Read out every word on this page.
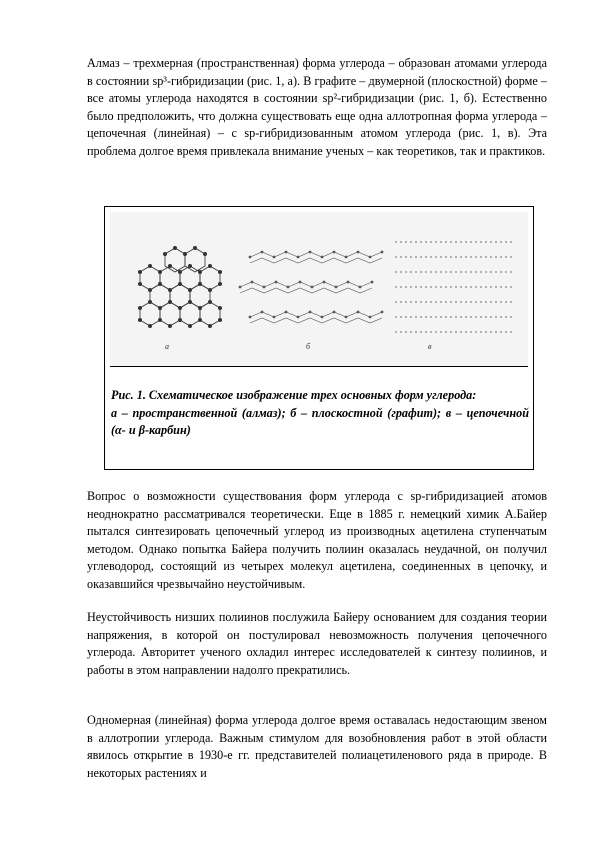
Алмаз – трехмерная (пространственная) форма углерода – образован атомами углерода в состоянии sp³-гибридизации (рис. 1, а). В графите – двумерной (плоскостной) форме – все атомы углерода находятся в состоянии sp²-гибридизации (рис. 1, б). Естественно было предположить, что должна существовать еще одна аллотропная форма углерода – цепочечная (линейная) – с sp-гибридизованным атомом углерода (рис. 1, в). Эта проблема долгое время привлекала внимание ученых – как теоретиков, так и практиков.

а	б	в
Рис. 1. Схематическое изображение трех основных форм углерода:
а – пространственной (алмаз); б – плоскостной (графит); в – цепочечной (α- и β-карбин)

Вопрос о возможности существования форм углерода с sp-гибридизацией атомов неоднократно рассматривался теоретически. Еще в 1885 г. немецкий химик А.Байер пытался синтезировать цепочечный углерод из производных ацетилена ступенчатым методом. Однако попытка Байера получить полиин оказалась неудачной, он получил углеводород, состоящий из четырех молекул ацетилена, соединенных в цепочку, и оказавшийся чрезвычайно неустойчивым.

Неустойчивость низших полиинов послужила Байеру основанием для создания теории напряжения, в которой он постулировал невозможность получения цепочечного углерода. Авторитет ученого охладил интерес исследователей к синтезу полиинов, и работы в этом направлении надолго прекратились.

Одномерная (линейная) форма углерода долгое время оставалась недостающим звеном в аллотропии углерода. Важным стимулом для возобновления работ в этой области явилось открытие в 1930-е гг. представителей полиацетиленового ряда в природе. В некоторых растениях и
